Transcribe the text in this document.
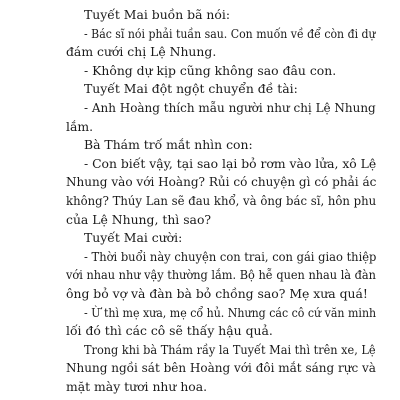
Tuyết Mai buồn bã nói:
- Bác sĩ nói phải tuần sau. Con muốn về để còn đi dự
đám cưới chị Lệ Nhung.
- Không dự kịp cũng không sao đâu con.
Tuyết Mai đột ngột chuyển đề tài:
- Anh Hoàng thích mẫu người như chị Lệ Nhung
lắm.
Bà Thám trố mắt nhìn con:
- Con biết vậy, tại sao lại bỏ rơm vào lửa, xô Lệ
Nhung vào với Hoàng? Rủi có chuyện gì có phải ác
không? Thúy Lan sẽ đau khổ, và ông bác sĩ, hôn phu
của Lệ Nhung, thì sao?
Tuyết Mai cười:
- Thời buổi này chuyện con trai, con gái giao thiệp
với nhau như vậy thường lắm. Bộ hễ quen nhau là đàn
ông bỏ vợ và đàn bà bỏ chồng sao? Mẹ xưa quá!
- Ừ thì mẹ xưa, mẹ cổ hủ. Nhưng các cô cứ văn minh
lối đó thì các cô sẽ thấy hậu quả.
Trong khi bà Thám rầy la Tuyết Mai thì trên xe, Lệ
Nhung ngồi sát bên Hoàng với đôi mắt sáng rực và
mặt mày tươi như hoa.
